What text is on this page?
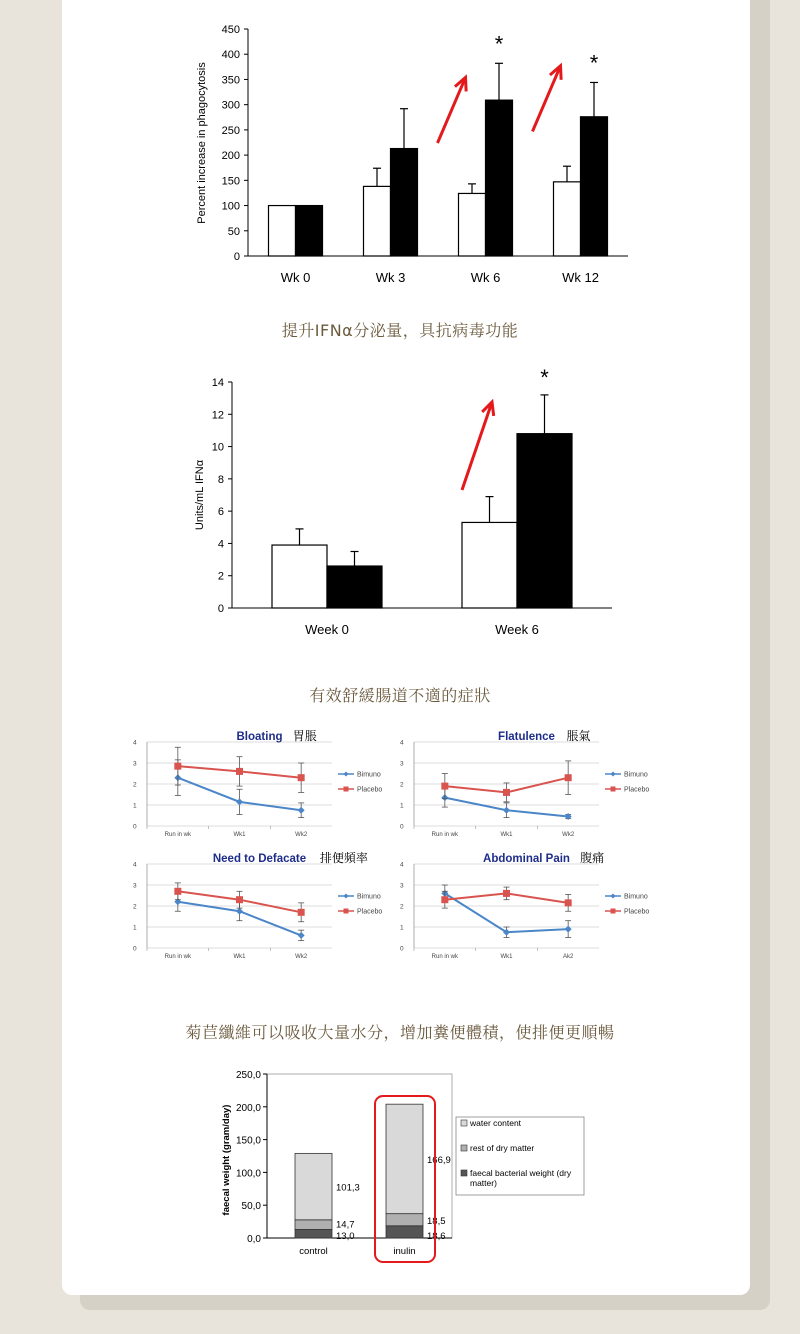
0
50
100
150
200
250
300
350
400
450
Percent increase in phagocytosis
Wk 0	Wk 3	Wk 6
*
Wk 12
*
提升IFNα分泌量，具抗病毒功能
0
2
4
6
8
10
12
14
Units/mL IFNα
Week 0	Week 6
*
有效舒緩腸道不適的症狀
0
1
2
3
4
Run in wk	Wk1	Wk2
Bloating 胃脹
Bimuno
Placebo
0
1
2
3
4
Run in wk	Wk1	Wk2
Flatulence 脹氣
Bimuno
Placebo
0
1
2
3
4
Run in wk	Wk1	Wk2
Need to Defacate 排便頻率
Bimuno
Placebo
0
1
2
3
4
Run in wk	Wk1	Ak2
Abdominal Pain 腹痛
Bimuno
Placebo
菊苣纖維可以吸收大量水分，增加糞便體積，使排便更順暢
0,0
50,0
100,0
150,0
200,0
250,0
faecal weight (gram/day)
13,0
14,7
101,3
control
18,6
18,5
166,9
inulin
water content
rest of dry matter
faecal bacterial weight (dry
matter)
